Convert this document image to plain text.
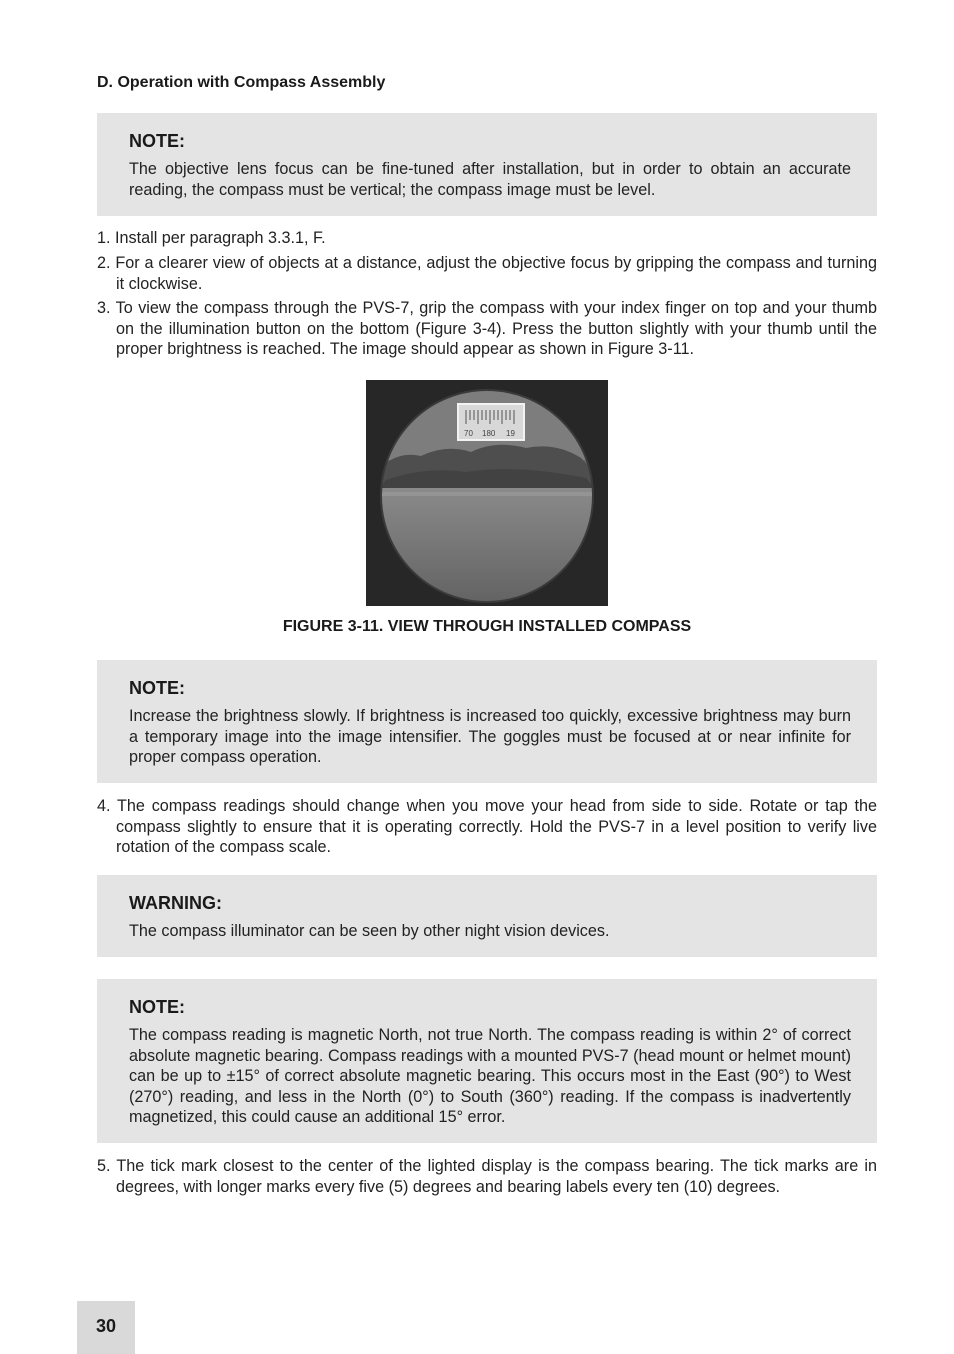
D. Operation with Compass Assembly

NOTE:

The objective lens focus can be fine-tuned after installation, but in order to obtain an accurate reading, the compass must be vertical; the compass image must be level.

1. Install per paragraph 3.3.1, F.
2. For a clearer view of objects at a distance, adjust the objective focus by gripping the compass and turning it clockwise.
3. To view the compass through the PVS-7, grip the compass with your index finger on top and your thumb on the illumination button on the bottom (Figure 3-4). Press the button slightly with your thumb until the proper brightness is reached. The image should appear as shown in Figure 3-11.
70 180 19
FIGURE 3-11. VIEW THROUGH INSTALLED COMPASS

NOTE:

Increase the brightness slowly. If brightness is increased too quickly, excessive brightness may burn a temporary image into the image intensifier. The goggles must be focused at or near infinite for proper compass operation.

4. The compass readings should change when you move your head from side to side. Rotate or tap the compass slightly to ensure that it is operating correctly. Hold the PVS-7 in a level position to verify live rotation of the compass scale.

WARNING:

The compass illuminator can be seen by other night vision devices.

NOTE:

The compass reading is magnetic North, not true North. The compass reading is within 2° of correct absolute magnetic bearing. Compass readings with a mounted PVS-7 (head mount or helmet mount) can be up to ±15° of correct absolute magnetic bearing. This occurs most in the East (90°) to West (270°) reading, and less in the North (0°) to South (360°) reading. If the compass is inadvertently magnetized, this could cause an additional 15° error.

5. The tick mark closest to the center of the lighted display is the compass bearing. The tick marks are in degrees, with longer marks every five (5) degrees and bearing labels every ten (10) degrees.
30
